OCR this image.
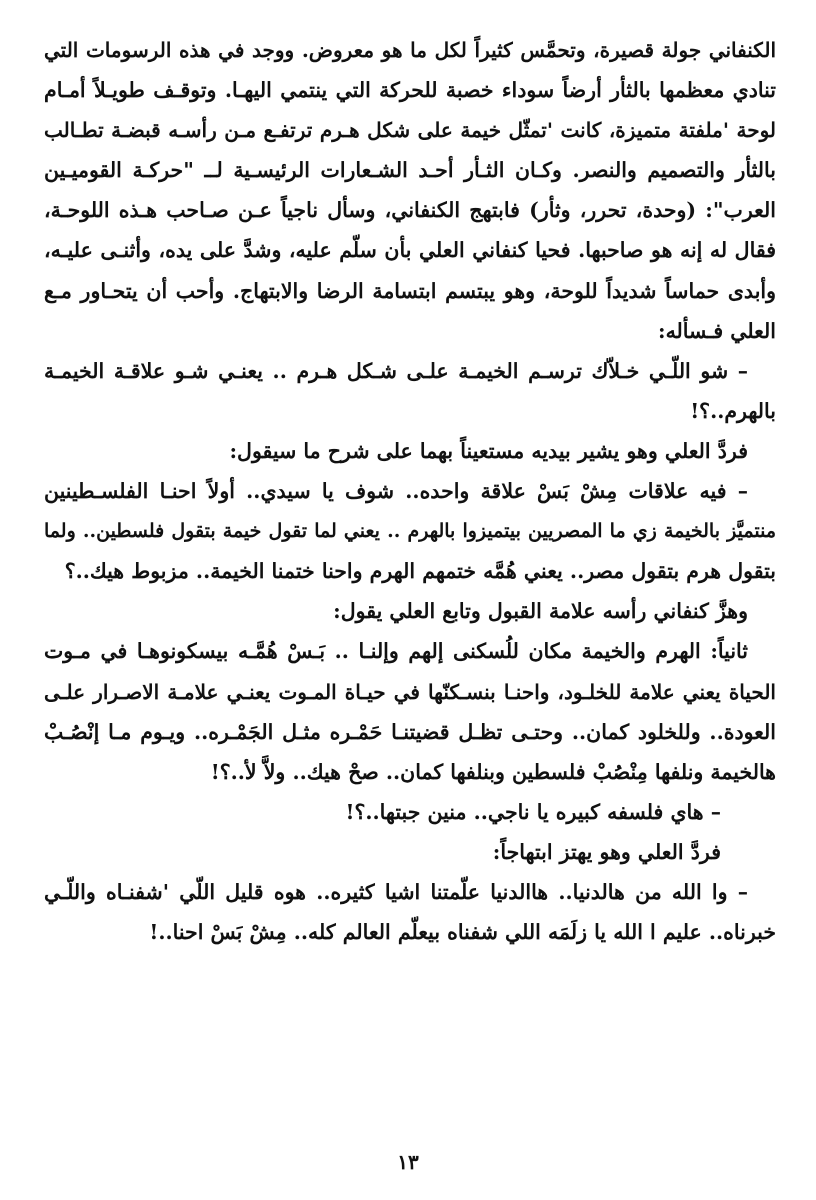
الكنفاني جولة قصيرة، وتحمَّس كثيراً لكل ما هو معروض. ووجد في هذه الرسومات التي
تنادي معظمها بالثأر أرضاً سوداء خصبة للحركة التي ينتمي اليهـا. وتوقـف طويـلاً أمـام
لوحة 'ملفتة متميزة، كانت 'تمثّل خيمة على شكل هـرم ترتفـع مـن رأسـه قبضـة تطـالب
بالثأر والتصميم والنصر. وكـان الثـأر أحـد الشـعارات الرئيسـية لــ "حركـة القوميـين
العرب": (وحدة، تحرر، وثأر) فابتهج الكنفاني، وسأل ناجياً عـن صـاحب هـذه اللوحـة،
فقال له إنه هو صاحبها. فحيا كنفاني العلي بأن سلّم عليه، وشدَّ على يده، وأثنـى عليـه،
وأبدى حماساً شديداً للوحة، وهو يبتسم ابتسامة الرضا والابتهاج. وأحب أن يتحـاور مـع
العلي فـسأله:
– شو اللّـي خـلاّك ترسـم الخيمـة علـى شـكل هـرم .. يعنـي شـو علاقـة الخيمـة
بالهرم..؟!
فردَّ العلي وهو يشير بيديه مستعيناً بهما على شرح ما سيقول:
– فيه علاقات مِشْ بَسْ علاقة واحده.. شوف يا سيدي.. أولاً احنـا الفلسـطينين
منتميَّز بالخيمة زي ما المصريين بيتميزوا بالهرم .. يعني لما تقول خيمة بتقول فلسطين.. ولما
بتقول هرم بتقول مصر.. يعني هُمَّه ختمهم الهرم واحنا ختمنا الخيمة.. مزبوط هيك..؟
وهزَّ كنفاني رأسه علامة القبول وتابع العلي يقول:
ثانياً: الهرم والخيمة مكان للُسكنى إلهم وإلنـا .. بَـسْ هُمَّـه بيسكونوهـا في مـوت
الحياة يعني علامة للخلـود، واحنـا بنسـكنّها في حيـاة المـوت يعنـي علامـة الاصـرار علـى
العودة.. وللخلود كمان.. وحتـى تظـل قضيتنـا حَمْـره مثـل الجَمْـره.. ويـوم مـا إنْصُـبْ
هالخيمة ونلفها مِنْصُبْ فلسطين وبنلفها كمان.. صحْ هيك.. ولاَّ لأ..؟!
– هاي فلسفه كبيره يا ناجي.. منين جبتها..؟!
فردَّ العلي وهو يهتز ابتهاجاً:
– وا الله من هالدنيا.. هاالدنيا علّمتنا اشيا كثيره.. هوه قليل اللّي 'شفنـاه واللّـي
خبرناه.. عليم ا الله يا زلَمَه اللي شفناه بيعلّم العالم كله.. مِشْ بَسْ احنا..!
١٣
